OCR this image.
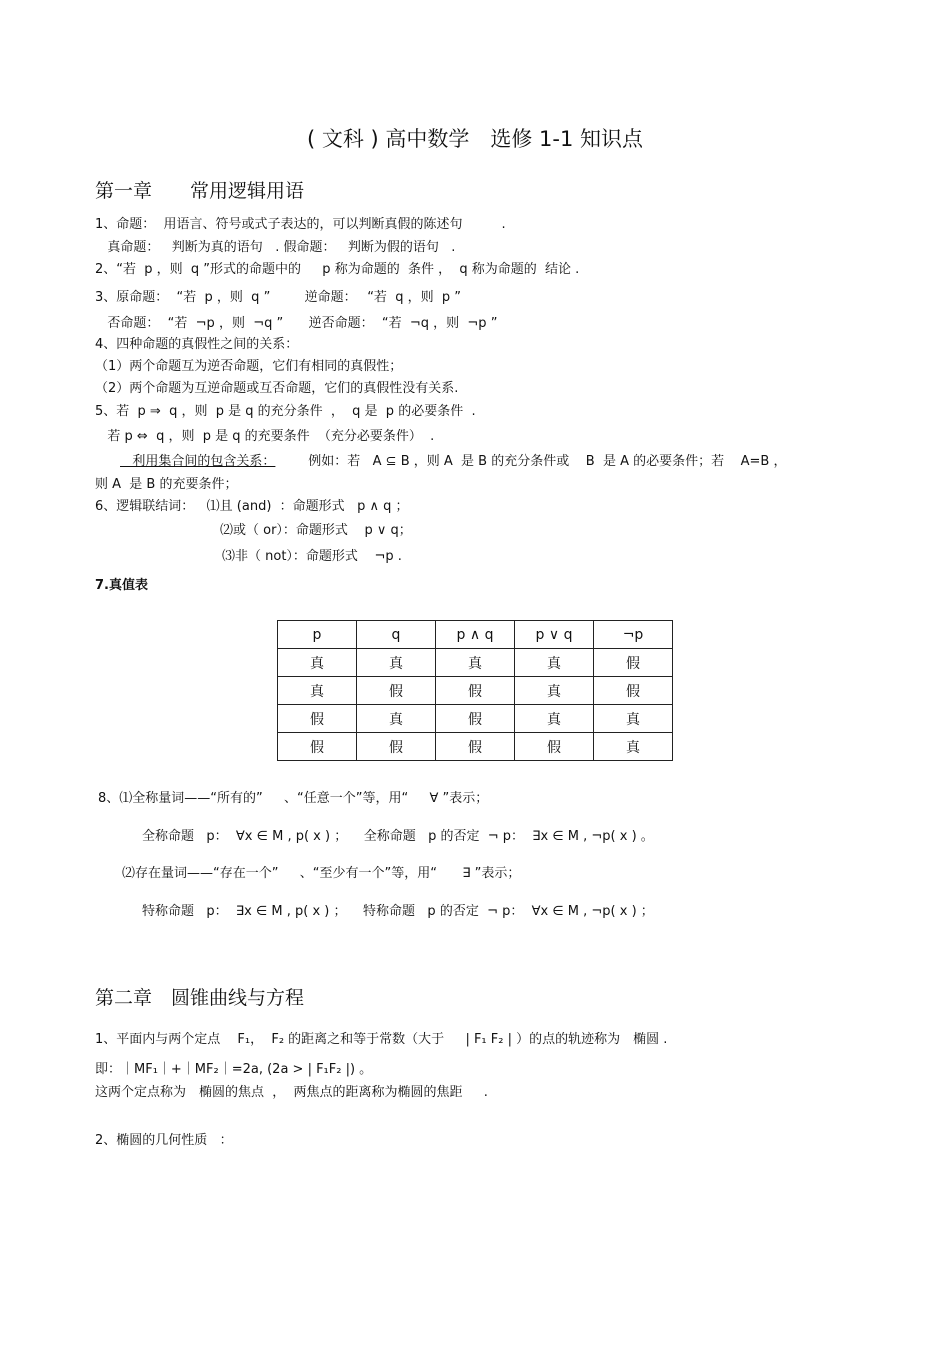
( 文科 ) 高中数学　选修 1-1 知识点
第一章　　常用逻辑用语
1、命题：  用语言、符号或式子表达的，可以判断真假的陈述句　　　.
真命题：   判断为真的语句   . 假命题：   判断为假的语句   .
2、“若  p ，则  q ”形式的命题中的　  p 称为命题的  条件 ，  q 称为命题的  结论 .
3、原命题：  “若  p ，则  q ”　　  逆命题：　 “若  q ，则  p ”
否命题：  “若  ¬p ，则  ¬q ”　   逆否命题：  “若  ¬q ，则  ¬p ”
4、四种命题的真假性之间的关系：
（1）两个命题互为逆否命题，它们有相同的真假性；
（2）两个命题为互逆命题或互否命题，它们的真假性没有关系.
5、若  p ⇒  q ，则  p 是 q 的充分条件  ，  q 是  p 的必要条件  .
若 p ⇔  q ，则  p 是 q 的充要条件  （充分必要条件）  .
利用集合间的包含关系： 例如：若   A ⊆ B ，则 A  是 B 的充分条件或    B  是 A 的必要条件；若    A=B ，
则 A  是 B 的充要条件；
6、逻辑联结词：   ⑴且 (and)  ：命题形式   p ∧ q ；
⑵或（ or）：命题形式    p ∨ q；
⑶非（ not）：命题形式    ¬p .
7.真值表
p	q	p ∧ q	p ∨ q	¬p
真	真	真	真	假
真	假	假	真	假
假	真	假	真	真
假	假	假	假	真
8、⑴全称量词——“所有的”　  、“任意一个”等，用“　  ∀ ”表示；
全称命题   p：  ∀x ∈ M , p( x ) ；    全称命题   p 的否定  ¬ p：  ∃x ∈ M , ¬p( x ) 。
⑵存在量词——“存在一个”　  、“至少有一个”等，用“　   ∃ ”表示；
特称命题   p：  ∃x ∈ M , p( x ) ；    特称命题   p 的否定  ¬ p：  ∀x ∈ M , ¬p( x ) ；
第二章　圆锥曲线与方程
1、平面内与两个定点　 F₁，  F₂ 的距离之和等于常数（大于　  | F₁ F₂ | ）的点的轨迹称为　椭圆 .
即：｜MF₁｜+｜MF₂｜=2a, (2a > | F₁F₂ |) 。
这两个定点称为　椭圆的焦点  ，  两焦点的距离称为椭圆的焦距　  .
2、椭圆的几何性质   ：
